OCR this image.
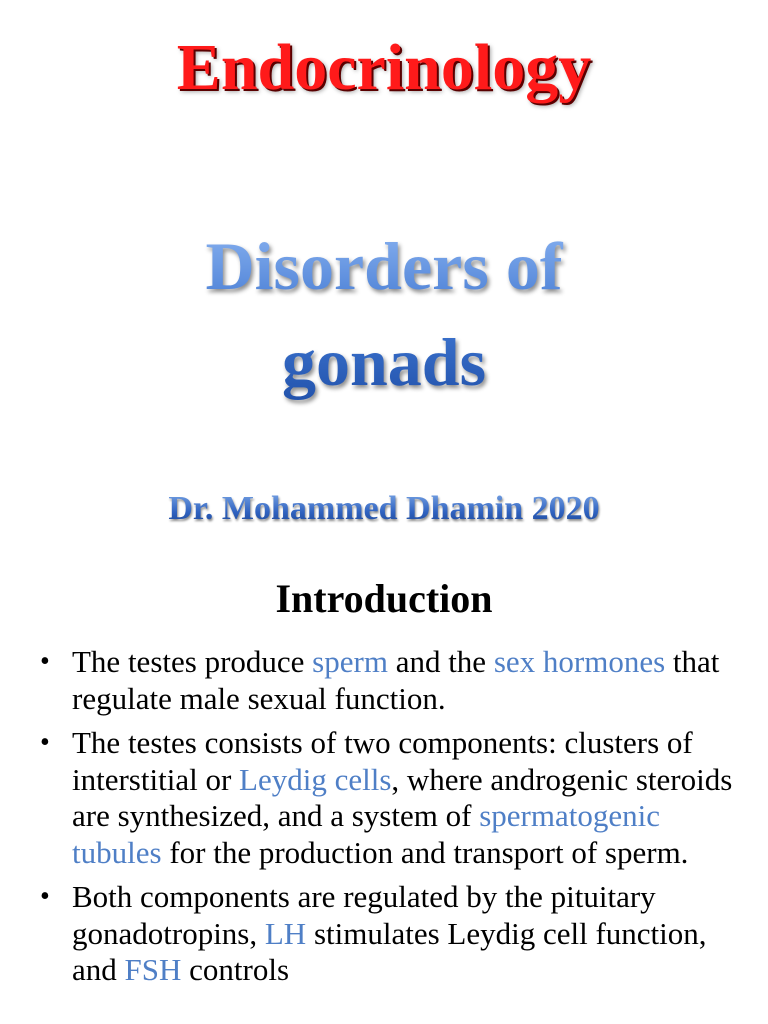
Endocrinology
Disorders of
gonads
Dr. Mohammed Dhamin 2020
Introduction
• The testes produce sperm and the sex hormones that regulate male sexual function.
• The testes consists of two components: clusters of interstitial or Leydig cells, where androgenic steroids are synthesized, and a system of spermatogenic tubules for the production and transport of sperm.
• Both components are regulated by the pituitary gonadotropins, LH stimulates Leydig cell function, and FSH controls
